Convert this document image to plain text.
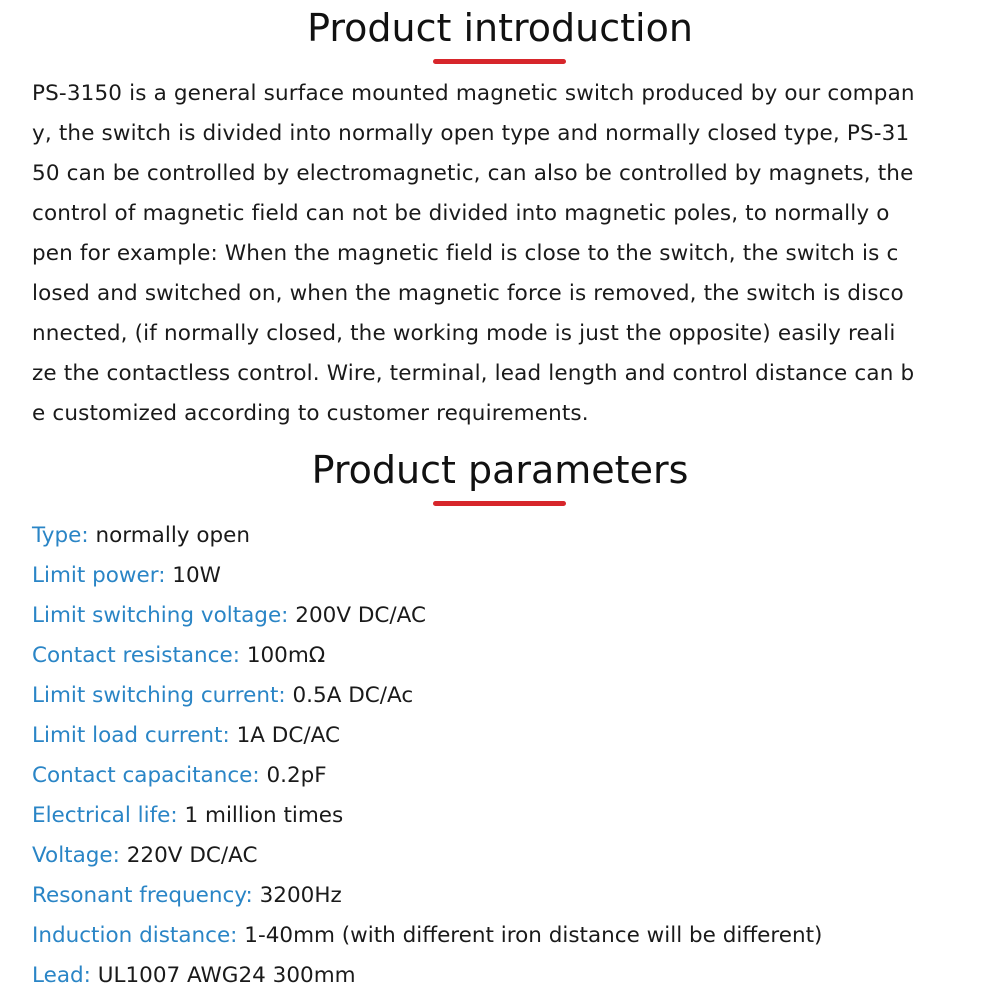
Product introduction

PS-3150 is a general surface mounted magnetic switch produced by our compan
y, the switch is divided into normally open type and normally closed type, PS-31
50 can be controlled by electromagnetic, can also be controlled by magnets, the
control of magnetic field can not be divided into magnetic poles, to normally o
pen for example: When the magnetic field is close to the switch, the switch is c
losed and switched on, when the magnetic force is removed, the switch is disco
nnected, (if normally closed, the working mode is just the opposite) easily reali
ze the contactless control. Wire, terminal, lead length and control distance can b
e customized according to customer requirements.

Product parameters
Type: normally open
Limit power: 10W
Limit switching voltage: 200V DC/AC
Contact resistance: 100mΩ
Limit switching current: 0.5A DC/Ac
Limit load current: 1A DC/AC
Contact capacitance: 0.2pF
Electrical life: 1 million times
Voltage: 220V DC/AC
Resonant frequency: 3200Hz
Induction distance: 1-40mm (with different iron distance will be different)
Lead: UL1007 AWG24 300mm
